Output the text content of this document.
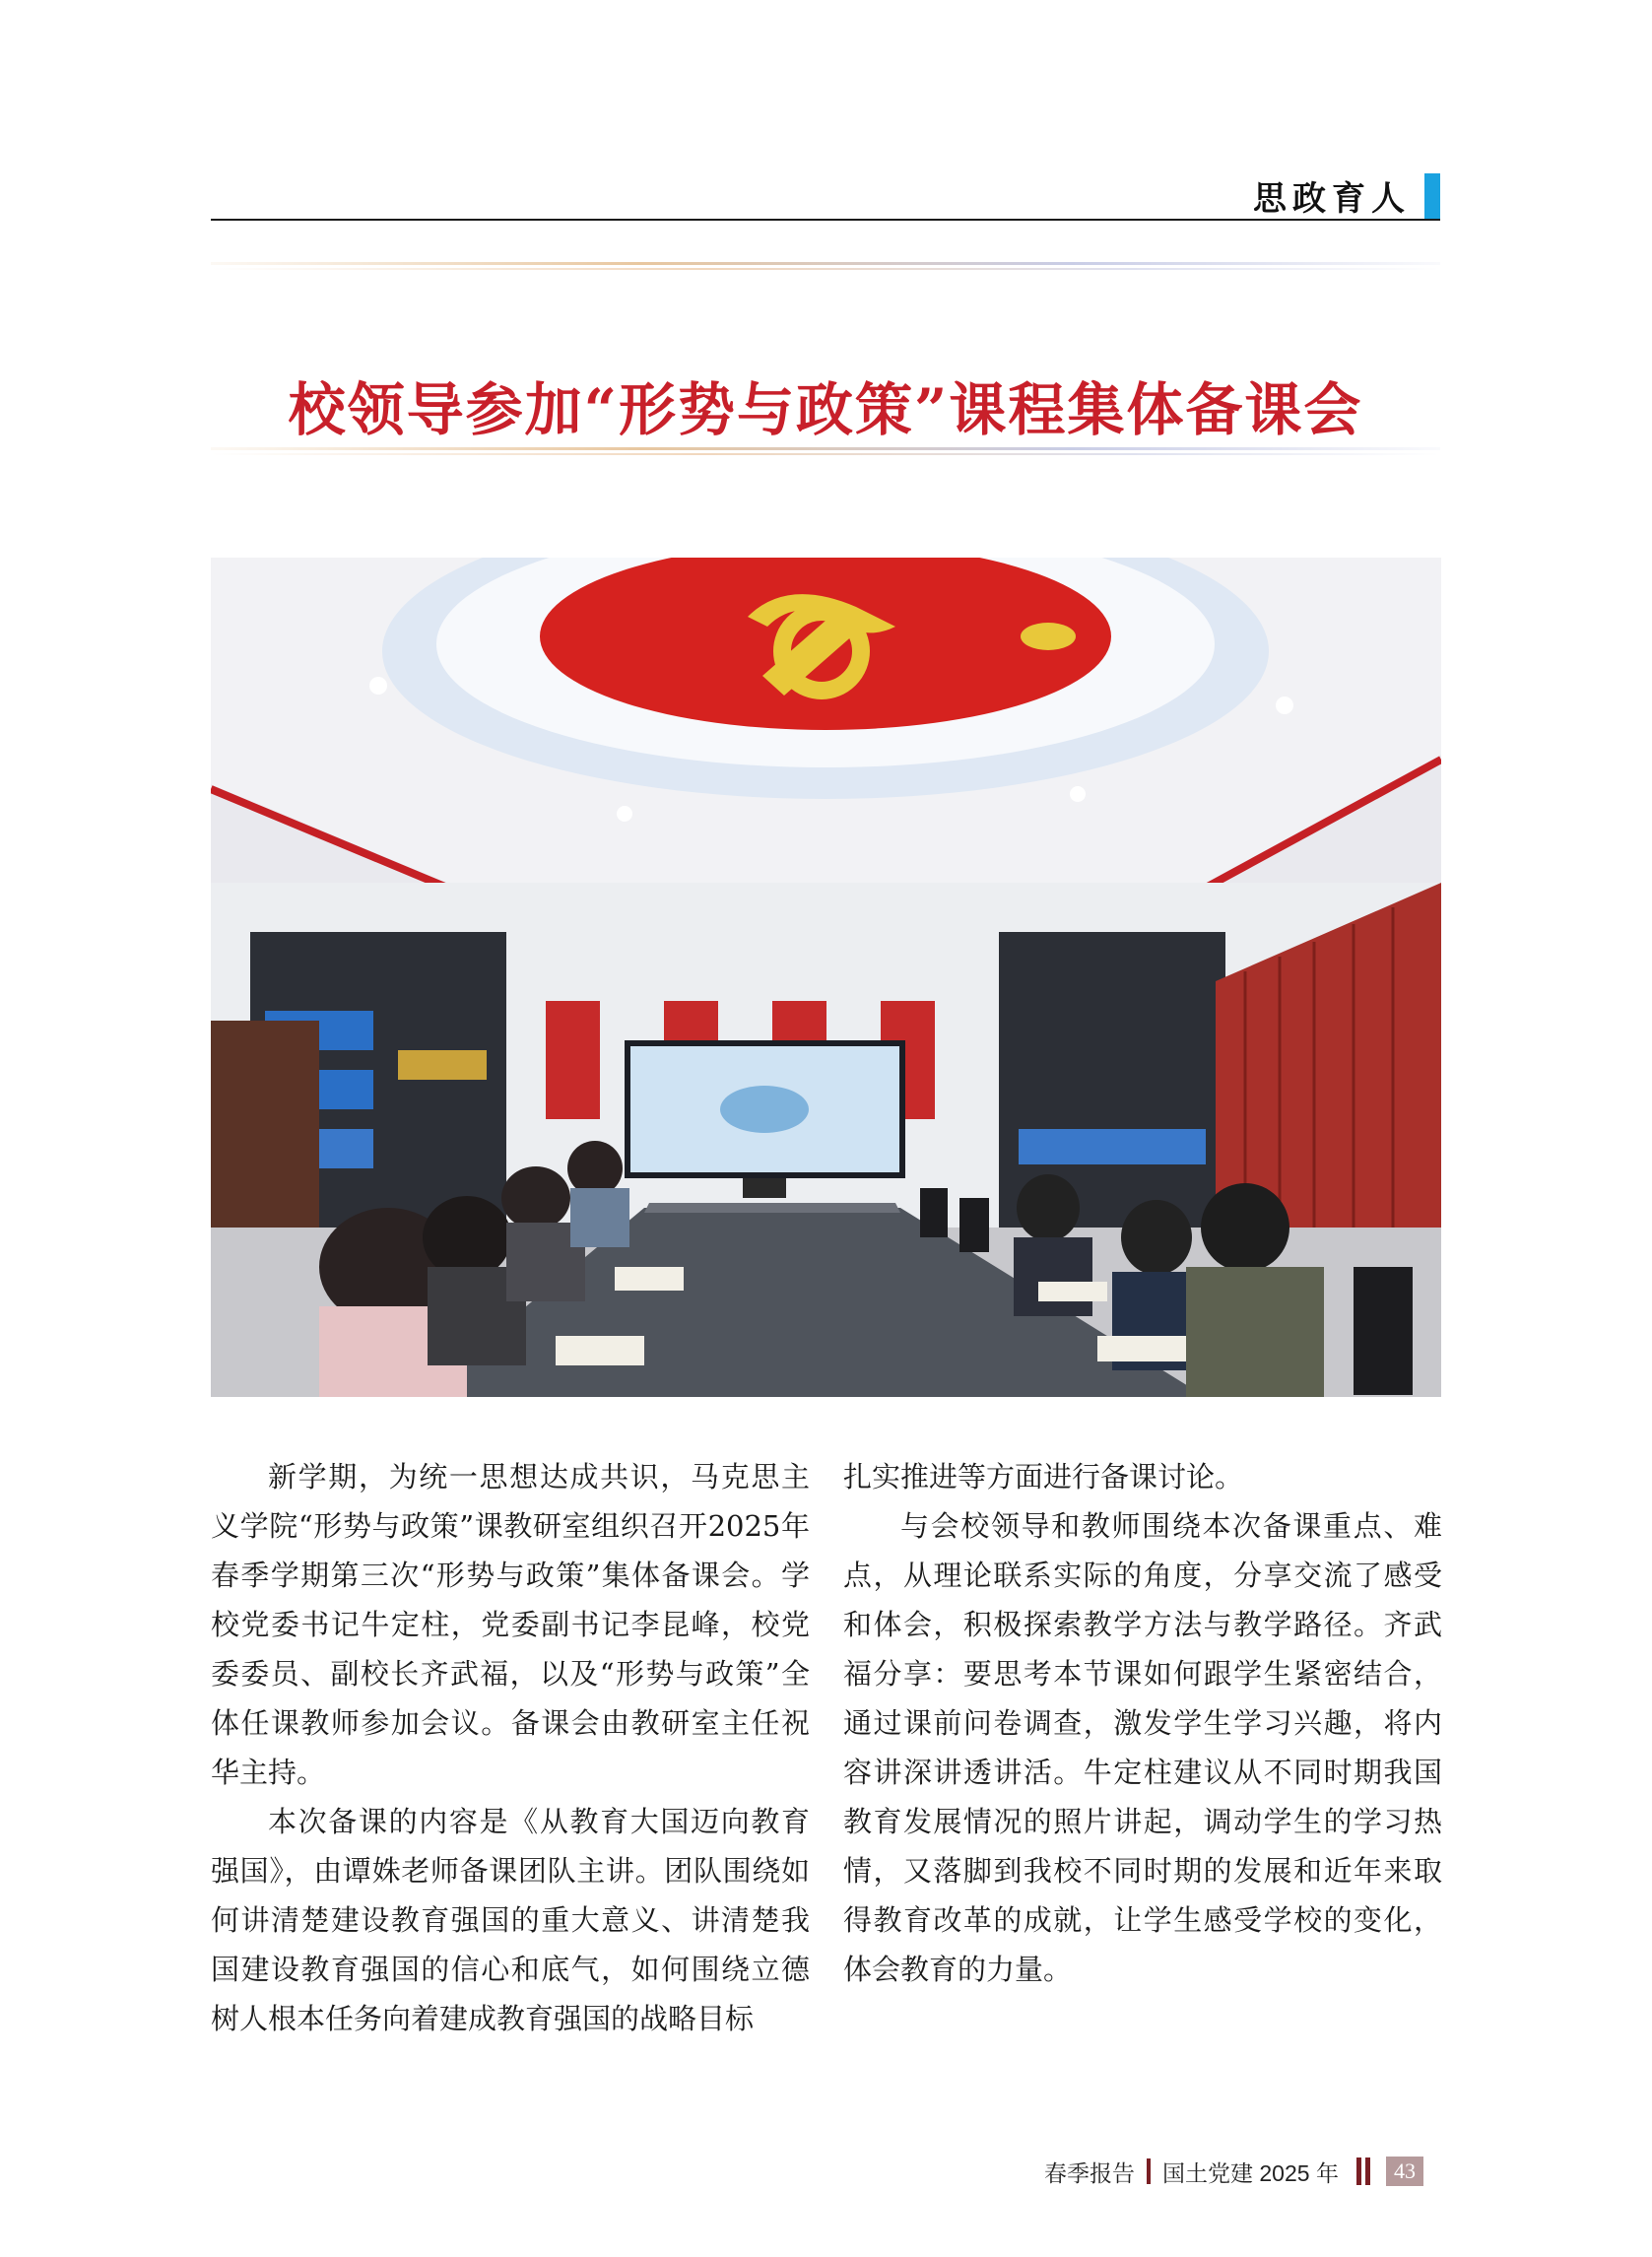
思政育人
校领导参加“形势与政策”课程集体备课会

新学期，为统一思想达成共识，马克思主义学院“形势与政策”课教研室组织召开2025年春季学期第三次“形势与政策”集体备课会。学校党委书记牛定柱，党委副书记李昆峰，校党委委员、副校长齐武福，以及“形势与政策”全体任课教师参加会议。备课会由教研室主任祝华主持。

本次备课的内容是《从教育大国迈向教育强国》，由谭姝老师备课团队主讲。团队围绕如何讲清楚建设教育强国的重大意义、讲清楚我国建设教育强国的信心和底气，如何围绕立德树人根本任务向着建成教育强国的战略目标

扎实推进等方面进行备课讨论。

与会校领导和教师围绕本次备课重点、难点，从理论联系实际的角度，分享交流了感受和体会，积极探索教学方法与教学路径。齐武福分享：要思考本节课如何跟学生紧密结合，通过课前问卷调查，激发学生学习兴趣，将内容讲深讲透讲活。牛定柱建议从不同时期我国教育发展情况的照片讲起，调动学生的学习热情，又落脚到我校不同时期的发展和近年来取得教育改革的成就，让学生感受学校的变化，体会教育的力量。

春季报告 国土党建 2025 年	43
